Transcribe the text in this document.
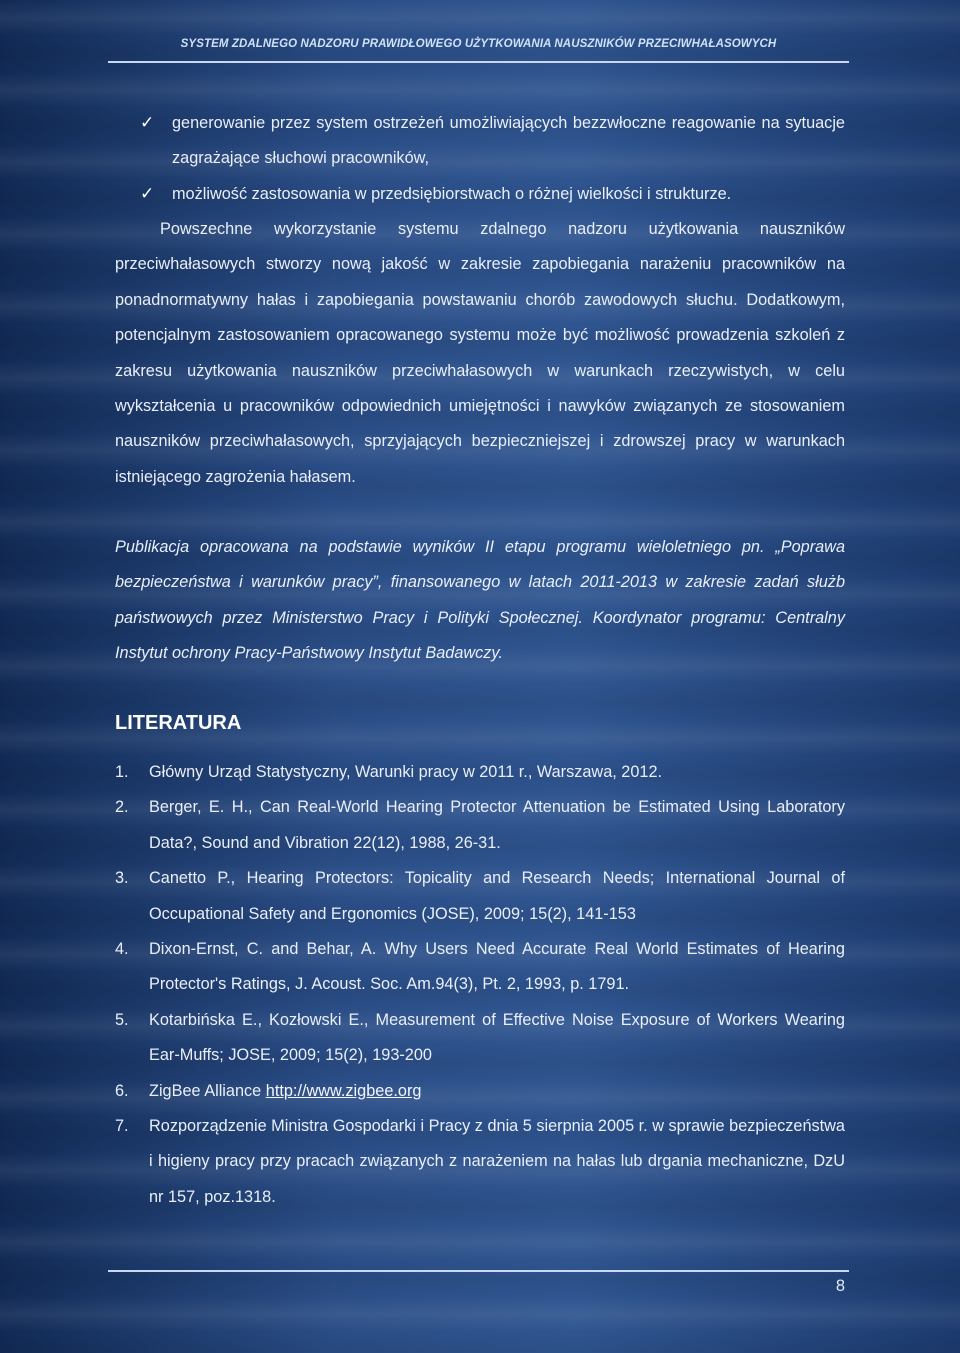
SYSTEM ZDALNEGO NADZORU PRAWIDŁOWEGO UŻYTKOWANIA NAUSZNIKÓW PRZECIWHAŁASOWYCH
✓ generowanie przez system ostrzeżeń umożliwiających bezzwłoczne reagowanie na sytuacje zagrażające słuchowi pracowników,
✓ możliwość zastosowania w przedsiębiorstwach o różnej wielkości i strukturze.
Powszechne wykorzystanie systemu zdalnego nadzoru użytkowania nauszników przeciwhałasowych stworzy nową jakość w zakresie zapobiegania narażeniu pracowników na ponadnormatywny hałas i zapobiegania powstawaniu chorób zawodowych słuchu. Dodatkowym, potencjalnym zastosowaniem opracowanego systemu może być możliwość prowadzenia szkoleń z zakresu użytkowania nauszników przeciwhałasowych w warunkach rzeczywistych, w celu wykształcenia u pracowników odpowiednich umiejętności i nawyków związanych ze stosowaniem nauszników przeciwhałasowych, sprzyjających bezpieczniejszej i zdrowszej pracy w warunkach istniejącego zagrożenia hałasem.
Publikacja opracowana na podstawie wyników II etapu programu wieloletniego pn. „Poprawa bezpieczeństwa i warunków pracy”, finansowanego w latach 2011-2013 w zakresie zadań służb państwowych przez Ministerstwo Pracy i Polityki Społecznej. Koordynator programu: Centralny Instytut ochrony Pracy-Państwowy Instytut Badawczy.
LITERATURA
1. Główny Urząd Statystyczny, Warunki pracy w 2011 r., Warszawa, 2012.
2. Berger, E. H., Can Real-World Hearing Protector Attenuation be Estimated Using Laboratory Data?, Sound and Vibration 22(12), 1988, 26-31.
3. Canetto P., Hearing Protectors: Topicality and Research Needs; International Journal of Occupational Safety and Ergonomics (JOSE), 2009; 15(2), 141-153
4. Dixon-Ernst, C. and Behar, A. Why Users Need Accurate Real World Estimates of Hearing Protector's Ratings, J. Acoust. Soc. Am.94(3), Pt. 2, 1993, p. 1791.
5. Kotarbińska E., Kozłowski E., Measurement of Effective Noise Exposure of Workers Wearing Ear-Muffs; JOSE, 2009; 15(2), 193-200
6. ZigBee Alliance http://www.zigbee.org
7. Rozporządzenie Ministra Gospodarki i Pracy z dnia 5 sierpnia 2005 r. w sprawie bezpieczeństwa i higieny pracy przy pracach związanych z narażeniem na hałas lub drgania mechaniczne, DzU nr 157, poz.1318.
8
